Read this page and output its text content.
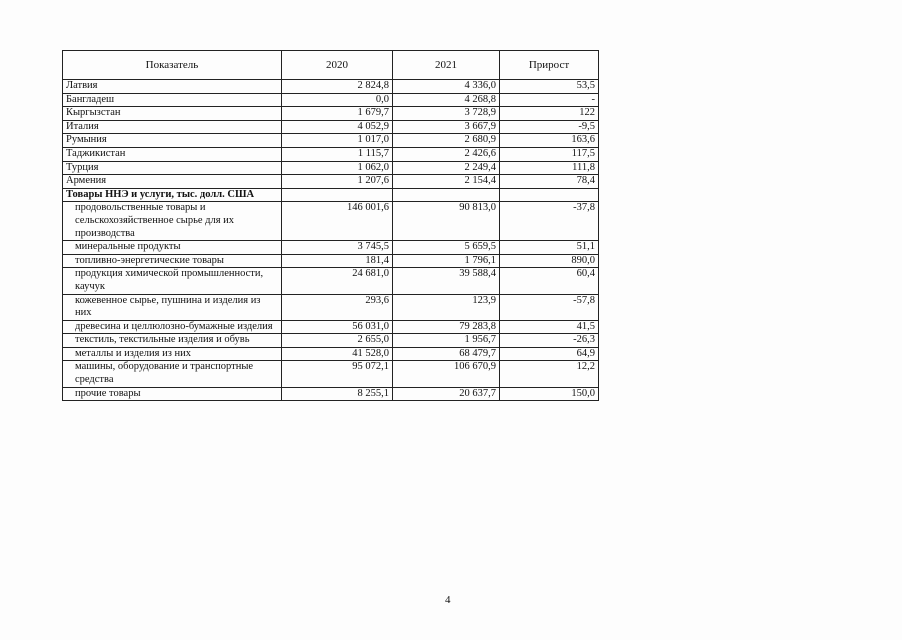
Показатель	2020	2021	Прирост
Латвия	2 824,8	4 336,0	53,5
Бангладеш	0,0	4 268,8	-
Кыргызстан	1 679,7	3 728,9	122
Италия	4 052,9	3 667,9	-9,5
Румыния	1 017,0	2 680,9	163,6
Таджикистан	1 115,7	2 426,6	117,5
Турция	1 062,0	2 249,4	111,8
Армения	1 207,6	2 154,4	78,4
Товары ННЭ и услуги, тыс. долл. США			
продовольственные товары и сельскохозяйственное сырье для их производства	146 001,6	90 813,0	-37,8
минеральные продукты	3 745,5	5 659,5	51,1
топливно-энергетические товары	181,4	1 796,1	890,0
продукция химической промышленности, каучук	24 681,0	39 588,4	60,4
кожевенное сырье, пушнина и изделия из них	293,6	123,9	-57,8
древесина и целлюлозно-бумажные изделия	56 031,0	79 283,8	41,5
текстиль, текстильные изделия и обувь	2 655,0	1 956,7	-26,3
металлы и изделия из них	41 528,0	68 479,7	64,9
машины, оборудование и транспортные средства	95 072,1	106 670,9	12,2
прочие товары	8 255,1	20 637,7	150,0
4
